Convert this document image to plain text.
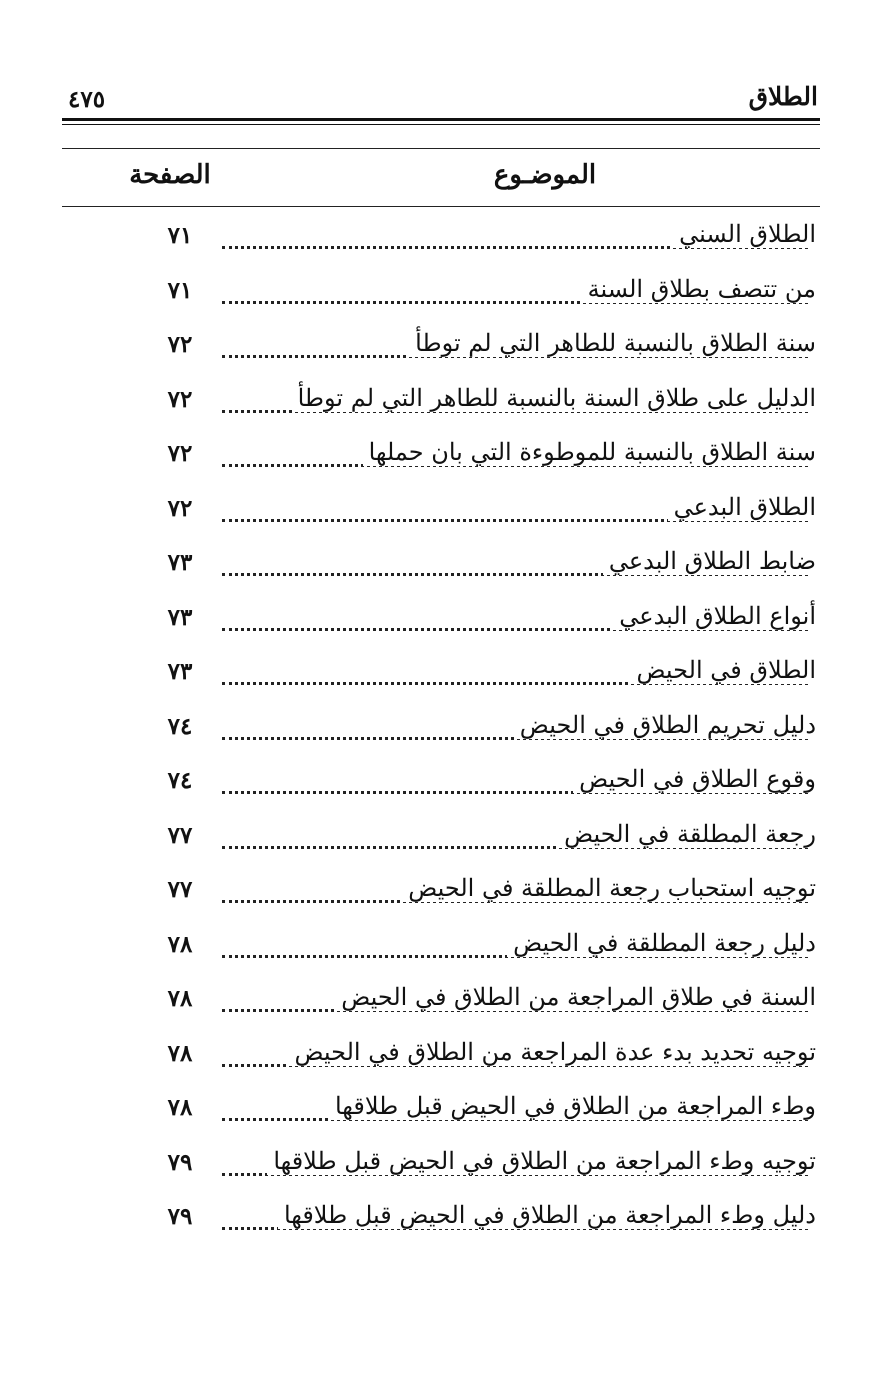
الطلاق
٤٧٥
الموضـوع
الصفحة
الطلاق السني
٧١
من تتصف بطلاق السنة
٧١
سنة الطلاق بالنسبة للطاهر التي لم توطأ
٧٢
الدليل على طلاق السنة بالنسبة للطاهر التي لم توطأ
٧٢
سنة الطلاق بالنسبة للموطوءة التي بان حملها
٧٢
الطلاق البدعي
٧٢
ضابط الطلاق البدعي
٧٣
أنواع الطلاق البدعي
٧٣
الطلاق في الحيض
٧٣
دليل تحريم الطلاق في الحيض
٧٤
وقوع الطلاق في الحيض
٧٤
رجعة المطلقة في الحيض
٧٧
توجيه استحباب رجعة المطلقة في الحيض
٧٧
دليل رجعة المطلقة في الحيض
٧٨
السنة في طلاق المراجعة من الطلاق في الحيض
٧٨
توجيه تحديد بدء عدة المراجعة من الطلاق في الحيض
٧٨
وطء المراجعة من الطلاق في الحيض قبل طلاقها
٧٨
توجيه وطء المراجعة من الطلاق في الحيض قبل طلاقها
٧٩
دليل وطء المراجعة من الطلاق في الحيض قبل طلاقها
٧٩
